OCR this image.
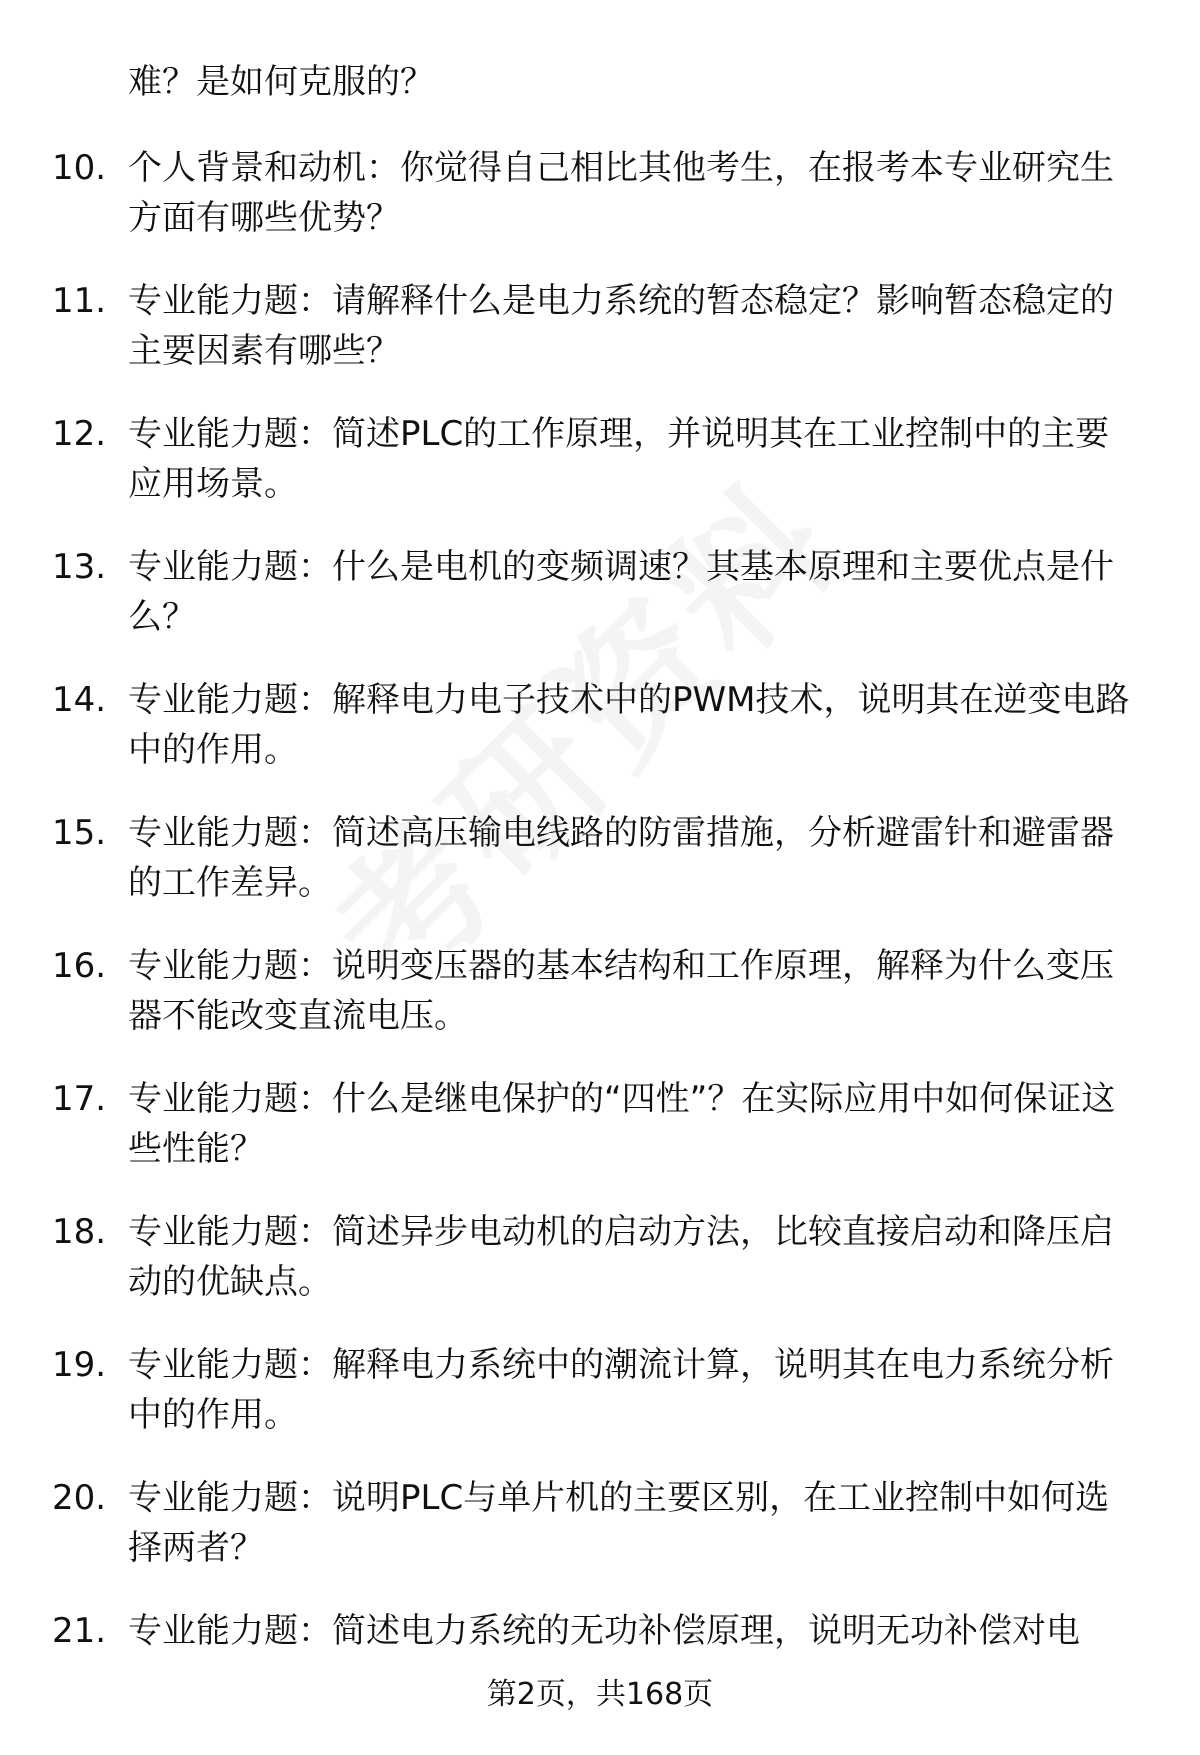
难？是如何克服的？
10. 个人背景和动机：你觉得自己相比其他考生，在报考本专业研究生方面有哪些优势？
11. 专业能力题：请解释什么是电力系统的暂态稳定？影响暂态稳定的主要因素有哪些？
12. 专业能力题：简述PLC的工作原理，并说明其在工业控制中的主要应用场景。
13. 专业能力题：什么是电机的变频调速？其基本原理和主要优点是什么？
14. 专业能力题：解释电力电子技术中的PWM技术，说明其在逆变电路中的作用。
15. 专业能力题：简述高压输电线路的防雷措施，分析避雷针和避雷器的工作差异。
16. 专业能力题：说明变压器的基本结构和工作原理，解释为什么变压器不能改变直流电压。
17. 专业能力题：什么是继电保护的“四性”？在实际应用中如何保证这些性能？
18. 专业能力题：简述异步电动机的启动方法，比较直接启动和降压启动的优缺点。
19. 专业能力题：解释电力系统中的潮流计算，说明其在电力系统分析中的作用。
20. 专业能力题：说明PLC与单片机的主要区别，在工业控制中如何选择两者？
21. 专业能力题：简述电力系统的无功补偿原理，说明无功补偿对电
第2页，共168页
